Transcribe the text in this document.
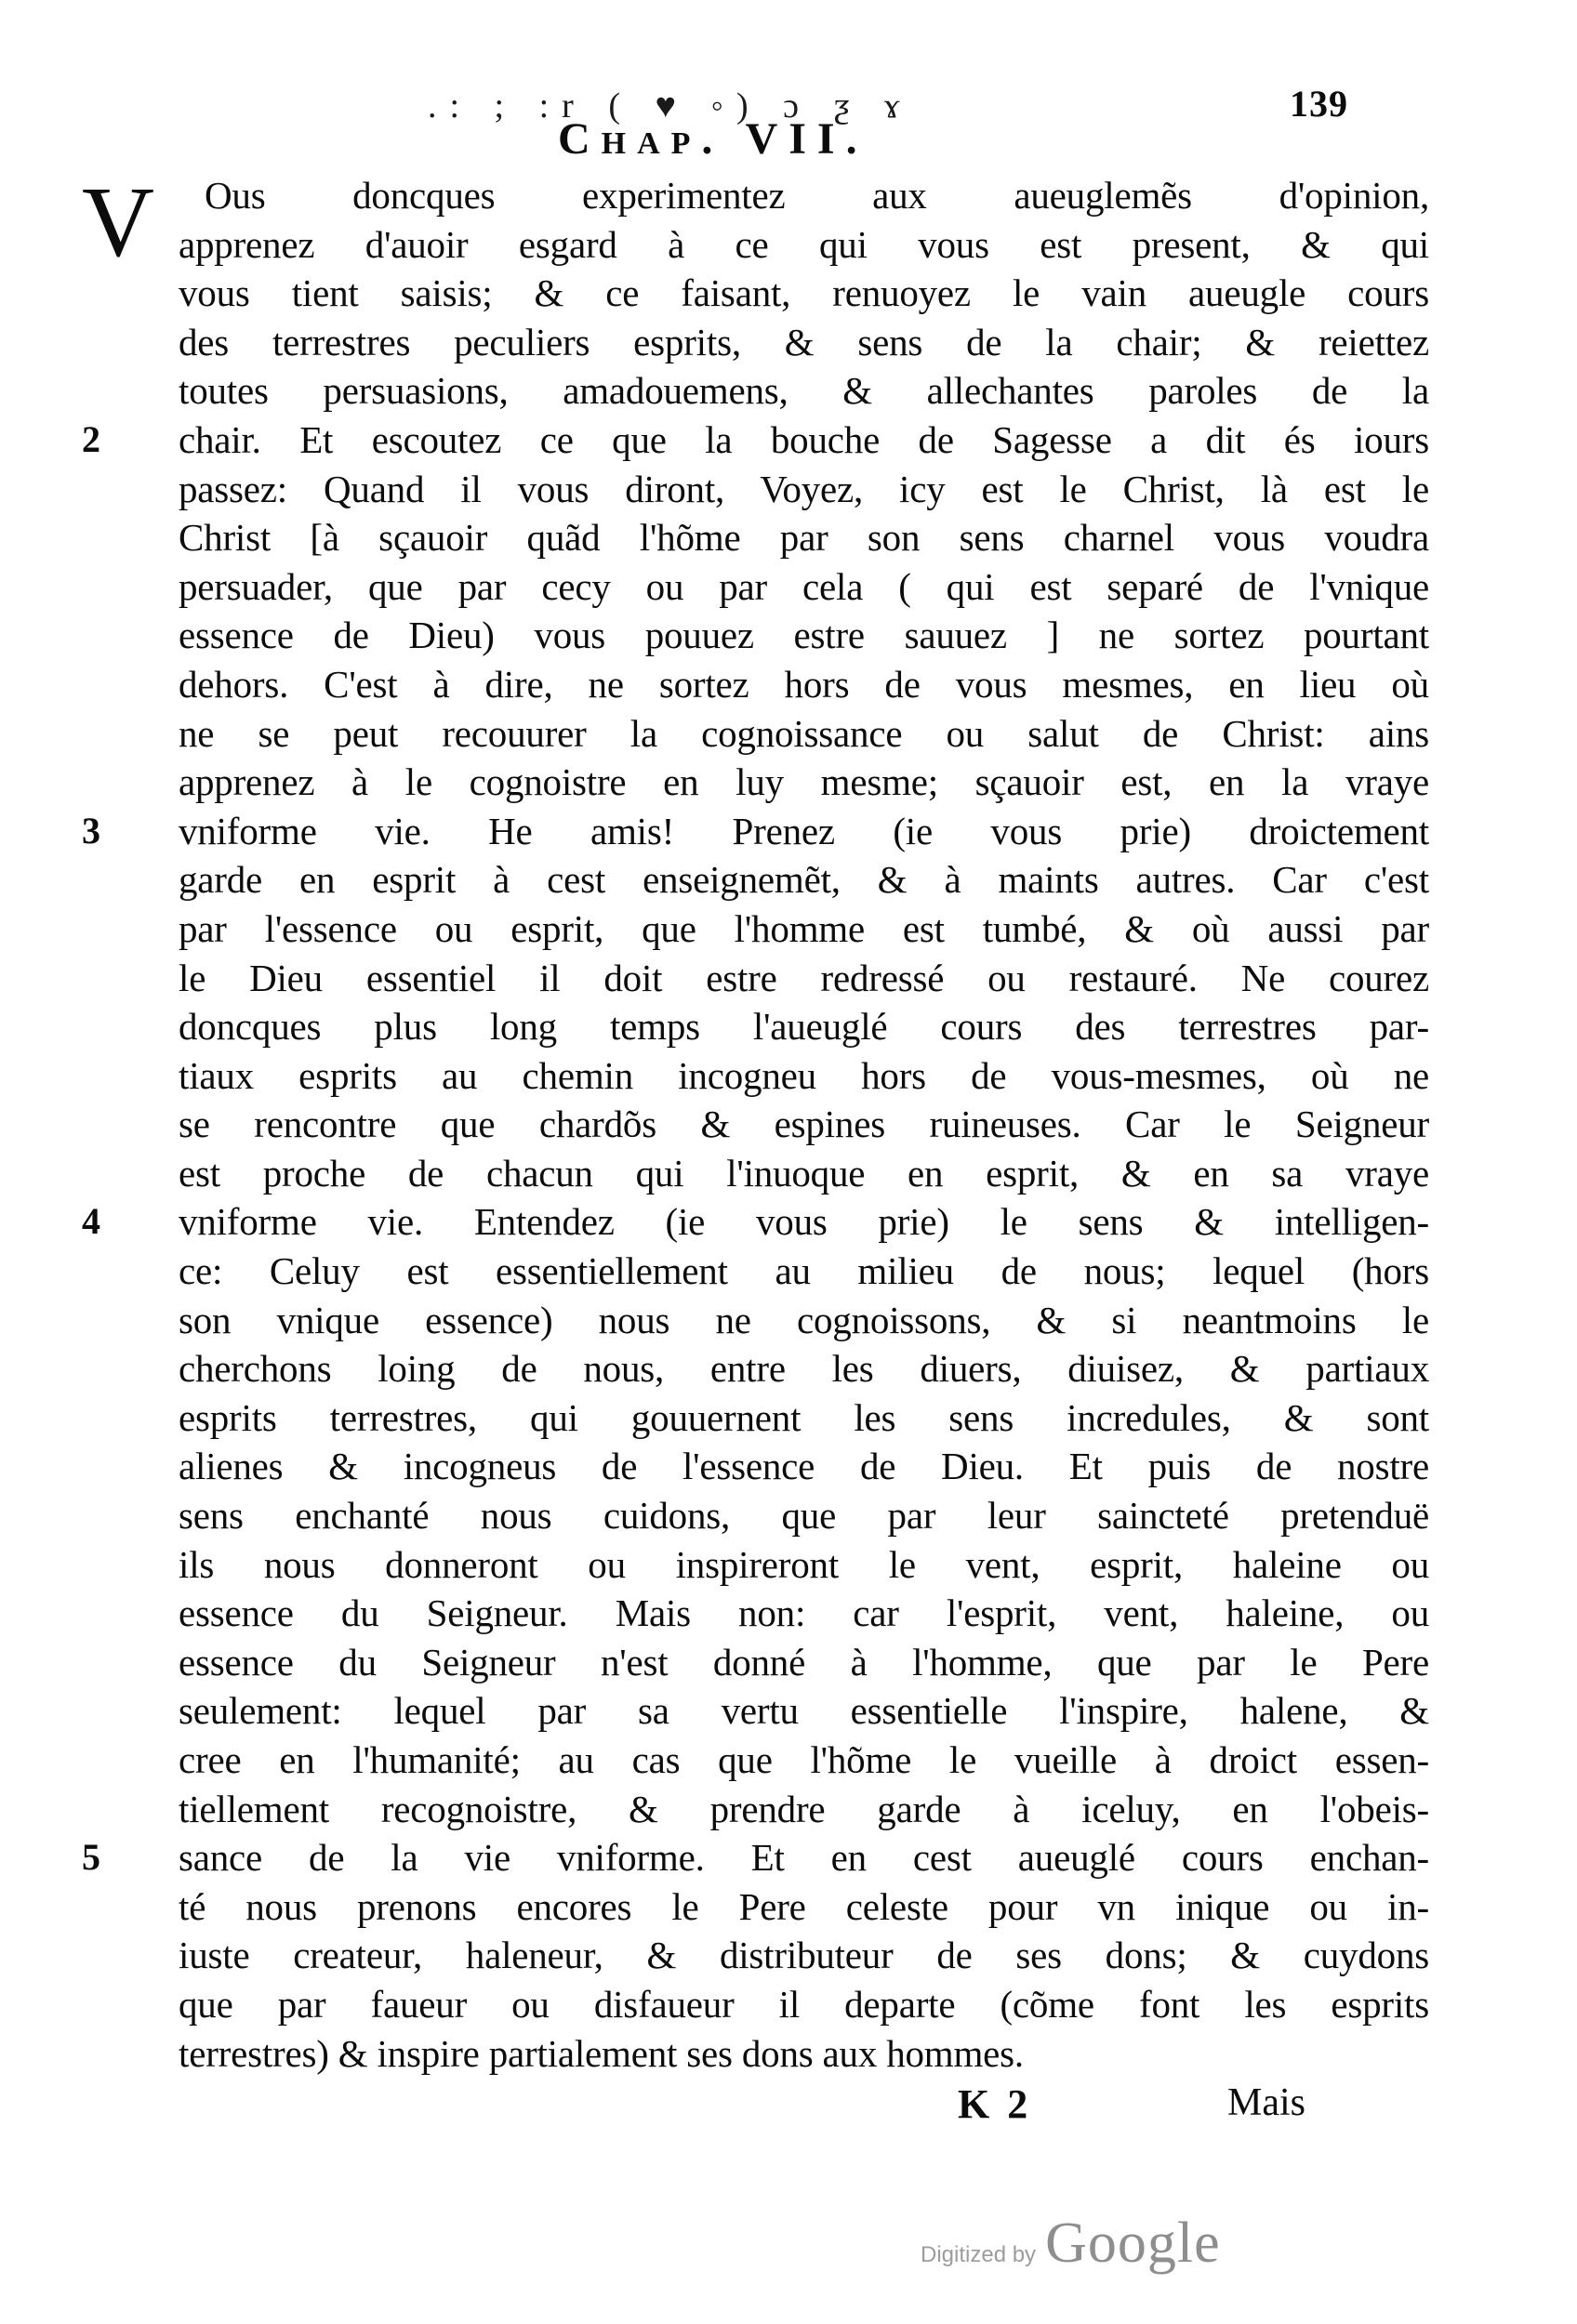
.: ; :r ( ♥ ◦) ɔ ƺ ɤ	139
Chap. VII.
V Ous doncques experimentez aux aueuglemẽs d'opinion,
apprenez d'auoir esgard à ce qui vous est present, & qui
vous tient saisis; & ce faisant, renuoyez le vain aueugle cours
des terrestres peculiers esprits, & sens de la chair; & reiettez
toutes persuasions, amadouemens, & allechantes paroles de la
2 chair. Et escoutez ce que la bouche de Sagesse a dit és iours
passez: Quand il vous diront, Voyez, icy est le Christ, là est le
Christ [à sçauoir quãd l'hõme par son sens charnel vous voudra
persuader, que par cecy ou par cela ( qui est separé de l'vnique
essence de Dieu) vous pouuez estre sauuez ] ne sortez pourtant
dehors. C'est à dire, ne sortez hors de vous mesmes, en lieu où
ne se peut recouurer la cognoissance ou salut de Christ: ains
apprenez à le cognoistre en luy mesme; sçauoir est, en la vraye
3 vniforme vie. He amis! Prenez (ie vous prie) droictement
garde en esprit à cest enseignemẽt, & à maints autres. Car c'est
par l'essence ou esprit, que l'homme est tumbé, & où aussi par
le Dieu essentiel il doit estre redressé ou restauré. Ne courez
doncques plus long temps l'aueuglé cours des terrestres par-
tiaux esprits au chemin incogneu hors de vous-mesmes, où ne
se rencontre que chardõs & espines ruineuses. Car le Seigneur
est proche de chacun qui l'inuoque en esprit, & en sa vraye
4 vniforme vie. Entendez (ie vous prie) le sens & intelligen-
ce: Celuy est essentiellement au milieu de nous; lequel (hors
son vnique essence) nous ne cognoissons, & si neantmoins le
cherchons loing de nous, entre les diuers, diuisez, & partiaux
esprits terrestres, qui gouuernent les sens incredules, & sont
alienes & incogneus de l'essence de Dieu. Et puis de nostre
sens enchanté nous cuidons, que par leur saincteté pretenduë
ils nous donneront ou inspireront le vent, esprit, haleine ou
essence du Seigneur. Mais non: car l'esprit, vent, haleine, ou
essence du Seigneur n'est donné à l'homme, que par le Pere
seulement: lequel par sa vertu essentielle l'inspire, halene, &
cree en l'humanité; au cas que l'hõme le vueille à droict essen-
tiellement recognoistre, & prendre garde à iceluy, en l'obeis-
5 sance de la vie vniforme. Et en cest aueuglé cours enchan-
té nous prenons encores le Pere celeste pour vn inique ou in-
iuste createur, haleneur, & distributeur de ses dons; & cuydons
que par faueur ou disfaueur il departe (cõme font les esprits
terrestres) & inspire partialement ses dons aux hommes.
K 2	Mais
Digitized by Google
